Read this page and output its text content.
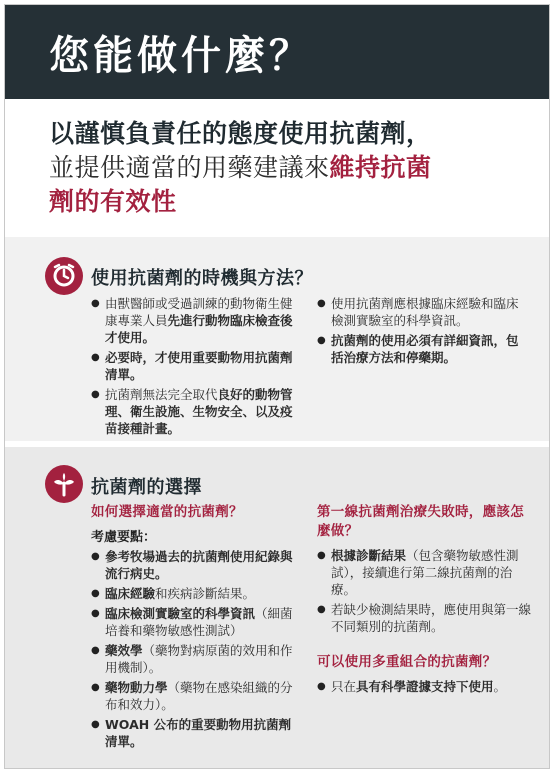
您能做什麼？
以謹慎負責任的態度使用抗菌劑，
並提供適當的用藥建議來維持抗菌
劑的有效性
使用抗菌劑的時機與方法？
● 由獸醫師或受過訓練的動物衛生健康專業人員先進行動物臨床檢查後才使用。
● 必要時，才使用重要動物用抗菌劑清單。
● 抗菌劑無法完全取代良好的動物管理、衛生設施、生物安全、以及疫苗接種計畫。
● 使用抗菌劑應根據臨床經驗和臨床檢測實驗室的科學資訊。
● 抗菌劑的使用必須有詳細資訊，包括治療方法和停藥期。
抗菌劑的選擇
如何選擇適當的抗菌劑？
考慮要點：
● 參考牧場過去的抗菌劑使用紀錄與流行病史。
● 臨床經驗和疾病診斷結果。
● 臨床檢測實驗室的科學資訊（細菌培養和藥物敏感性測試）
● 藥效學（藥物對病原菌的效用和作用機制）。
● 藥物動力學（藥物在感染組織的分布和效力）。
● WOAH 公布的重要動物用抗菌劑清單。
第一線抗菌劑治療失敗時，應該怎麼做？
● 根據診斷結果（包含藥物敏感性測試），接續進行第二線抗菌劑的治療。
● 若缺少檢測結果時，應使用與第一線不同類別的抗菌劑。
可以使用多重組合的抗菌劑？
● 只在具有科學證據支持下使用。
